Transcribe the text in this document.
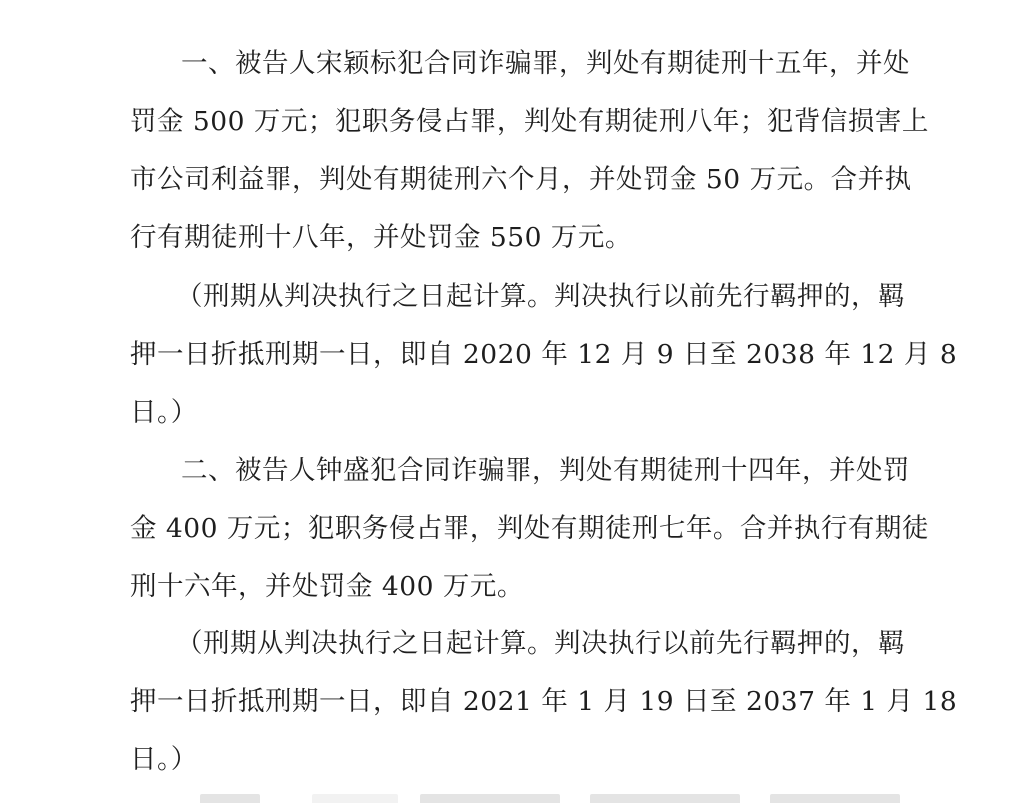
一、被告人宋颖标犯合同诈骗罪，判处有期徒刑十五年，并处
罚金 500 万元；犯职务侵占罪，判处有期徒刑八年；犯背信损害上
市公司利益罪，判处有期徒刑六个月，并处罚金 50 万元。合并执
行有期徒刑十八年，并处罚金 550 万元。
（刑期从判决执行之日起计算。判决执行以前先行羁押的，羁
押一日折抵刑期一日，即自 2020 年 12 月 9 日至 2038 年 12 月 8
日。）
二、被告人钟盛犯合同诈骗罪，判处有期徒刑十四年，并处罚
金 400 万元；犯职务侵占罪，判处有期徒刑七年。合并执行有期徒
刑十六年，并处罚金 400 万元。
（刑期从判决执行之日起计算。判决执行以前先行羁押的，羁
押一日折抵刑期一日，即自 2021 年 1 月 19 日至 2037 年 1 月 18
日。）
